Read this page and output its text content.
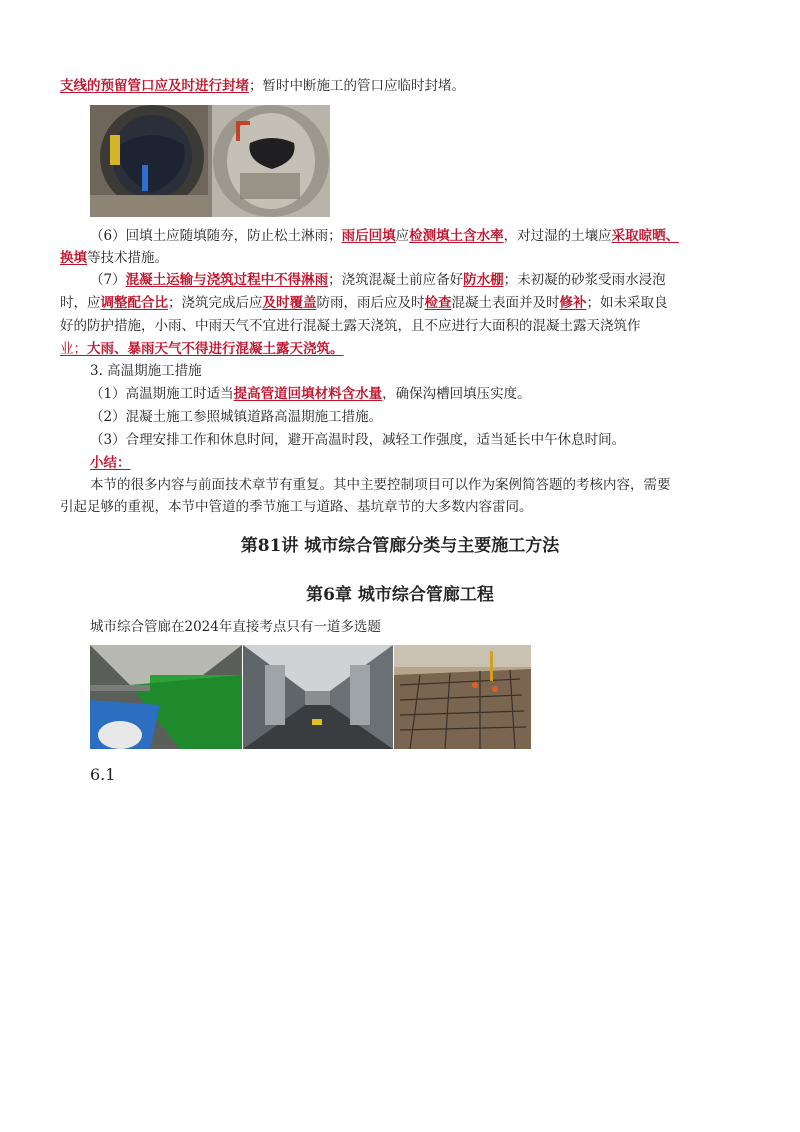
支线的预留管口应及时进行封堵；暂时中断施工的管口应临时封堵。
（6）回填土应随填随夯，防止松土淋雨；雨后回填应检测填土含水率，对过湿的土壤应采取晾晒、
换填等技术措施。
（7）混凝土运输与浇筑过程中不得淋雨；浇筑混凝土前应备好防水棚；未初凝的砂浆受雨水浸泡
时，应调整配合比；浇筑完成后应及时覆盖防雨，雨后应及时检查混凝土表面并及时修补；如未采取良
好的防护措施，小雨、中雨天气不宜进行混凝土露天浇筑，且不应进行大面积的混凝土露天浇筑作
业；大雨、暴雨天气不得进行混凝土露天浇筑。
3. 高温期施工措施
（1）高温期施工时适当提高管道回填材料含水量，确保沟槽回填压实度。
（2）混凝土施工参照城镇道路高温期施工措施。
（3）合理安排工作和休息时间，避开高温时段，减轻工作强度，适当延长中午休息时间。
小结：
本节的很多内容与前面技术章节有重复。其中主要控制项目可以作为案例简答题的考核内容，需要
引起足够的重视，本节中管道的季节施工与道路、基坑章节的大多数内容雷同。
第81讲 城市综合管廊分类与主要施工方法
第6章 城市综合管廊工程
城市综合管廊在2024年直接考点只有一道多选题
6.1
